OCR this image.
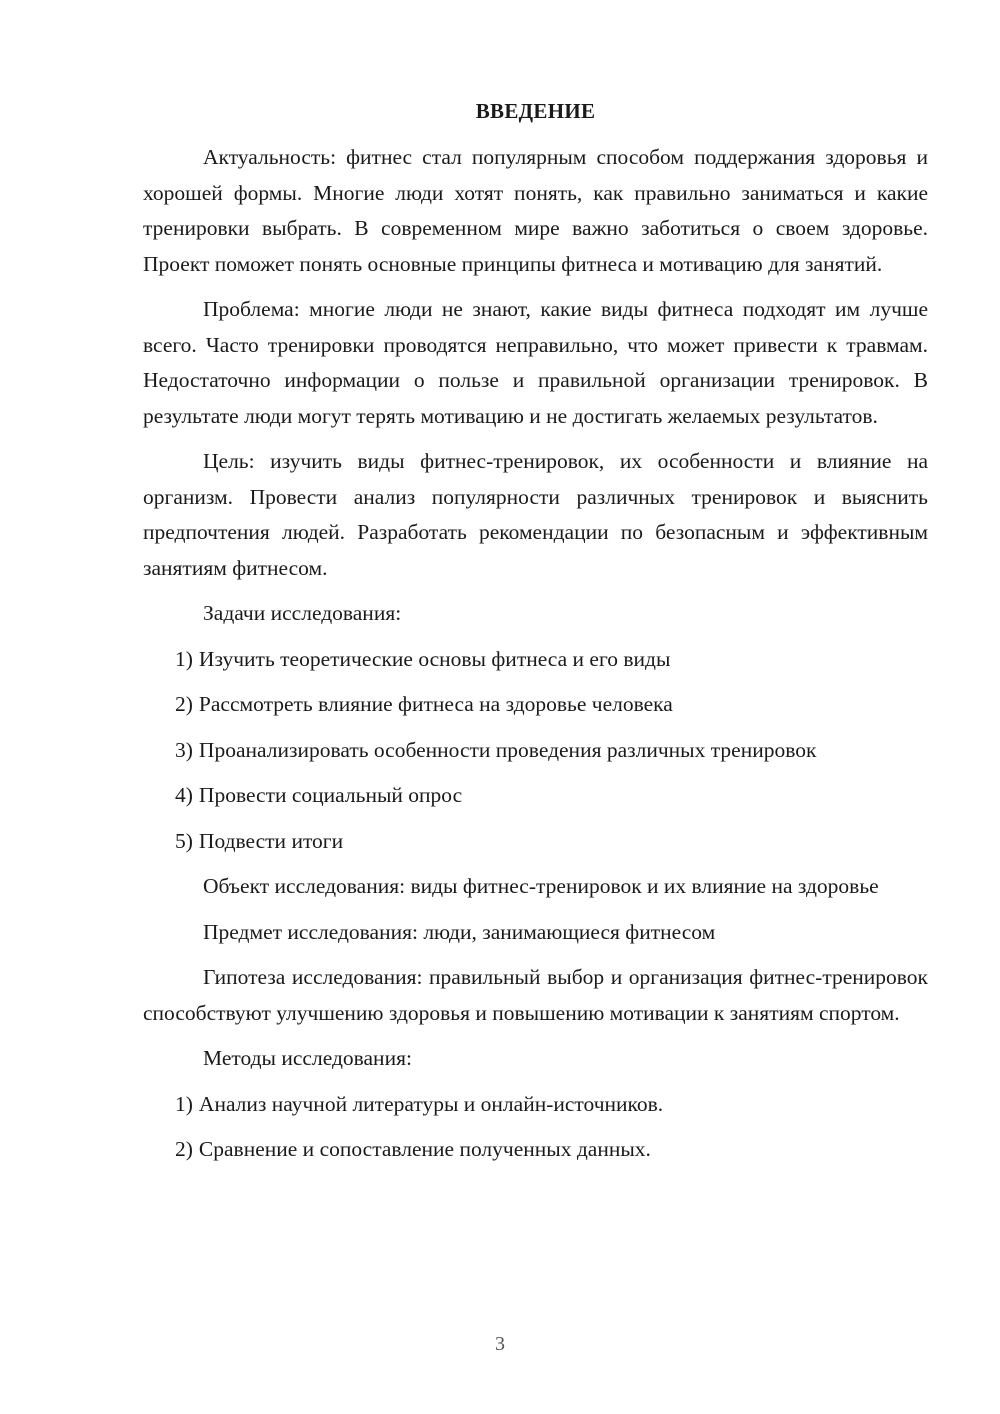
ВВЕДЕНИЕ

Актуальность: фитнес стал популярным способом поддержания здоровья и хорошей формы. Многие люди хотят понять, как правильно заниматься и какие тренировки выбрать. В современном мире важно заботиться о своем здоровье. Проект поможет понять основные принципы фитнеса и мотивацию для занятий.

Проблема: многие люди не знают, какие виды фитнеса подходят им лучше всего. Часто тренировки проводятся неправильно, что может привести к травмам. Недостаточно информации о пользе и правильной организации тренировок. В результате люди могут терять мотивацию и не достигать желаемых результатов.

Цель: изучить виды фитнес-тренировок, их особенности и влияние на организм. Провести анализ популярности различных тренировок и выяснить предпочтения людей. Разработать рекомендации по безопасным и эффективным занятиям фитнесом.

Задачи исследования:

1) Изучить теоретические основы фитнеса и его виды
2) Рассмотреть влияние фитнеса на здоровье человека
3) Проанализировать особенности проведения различных тренировок
4) Провести социальный опрос
5) Подвести итоги

Объект исследования: виды фитнес-тренировок и их влияние на здоровье

Предмет исследования: люди, занимающиеся фитнесом

Гипотеза исследования: правильный выбор и организация фитнес-тренировок способствуют улучшению здоровья и повышению мотивации к занятиям спортом.

Методы исследования:

1) Анализ научной литературы и онлайн-источников.
2) Сравнение и сопоставление полученных данных.
3
